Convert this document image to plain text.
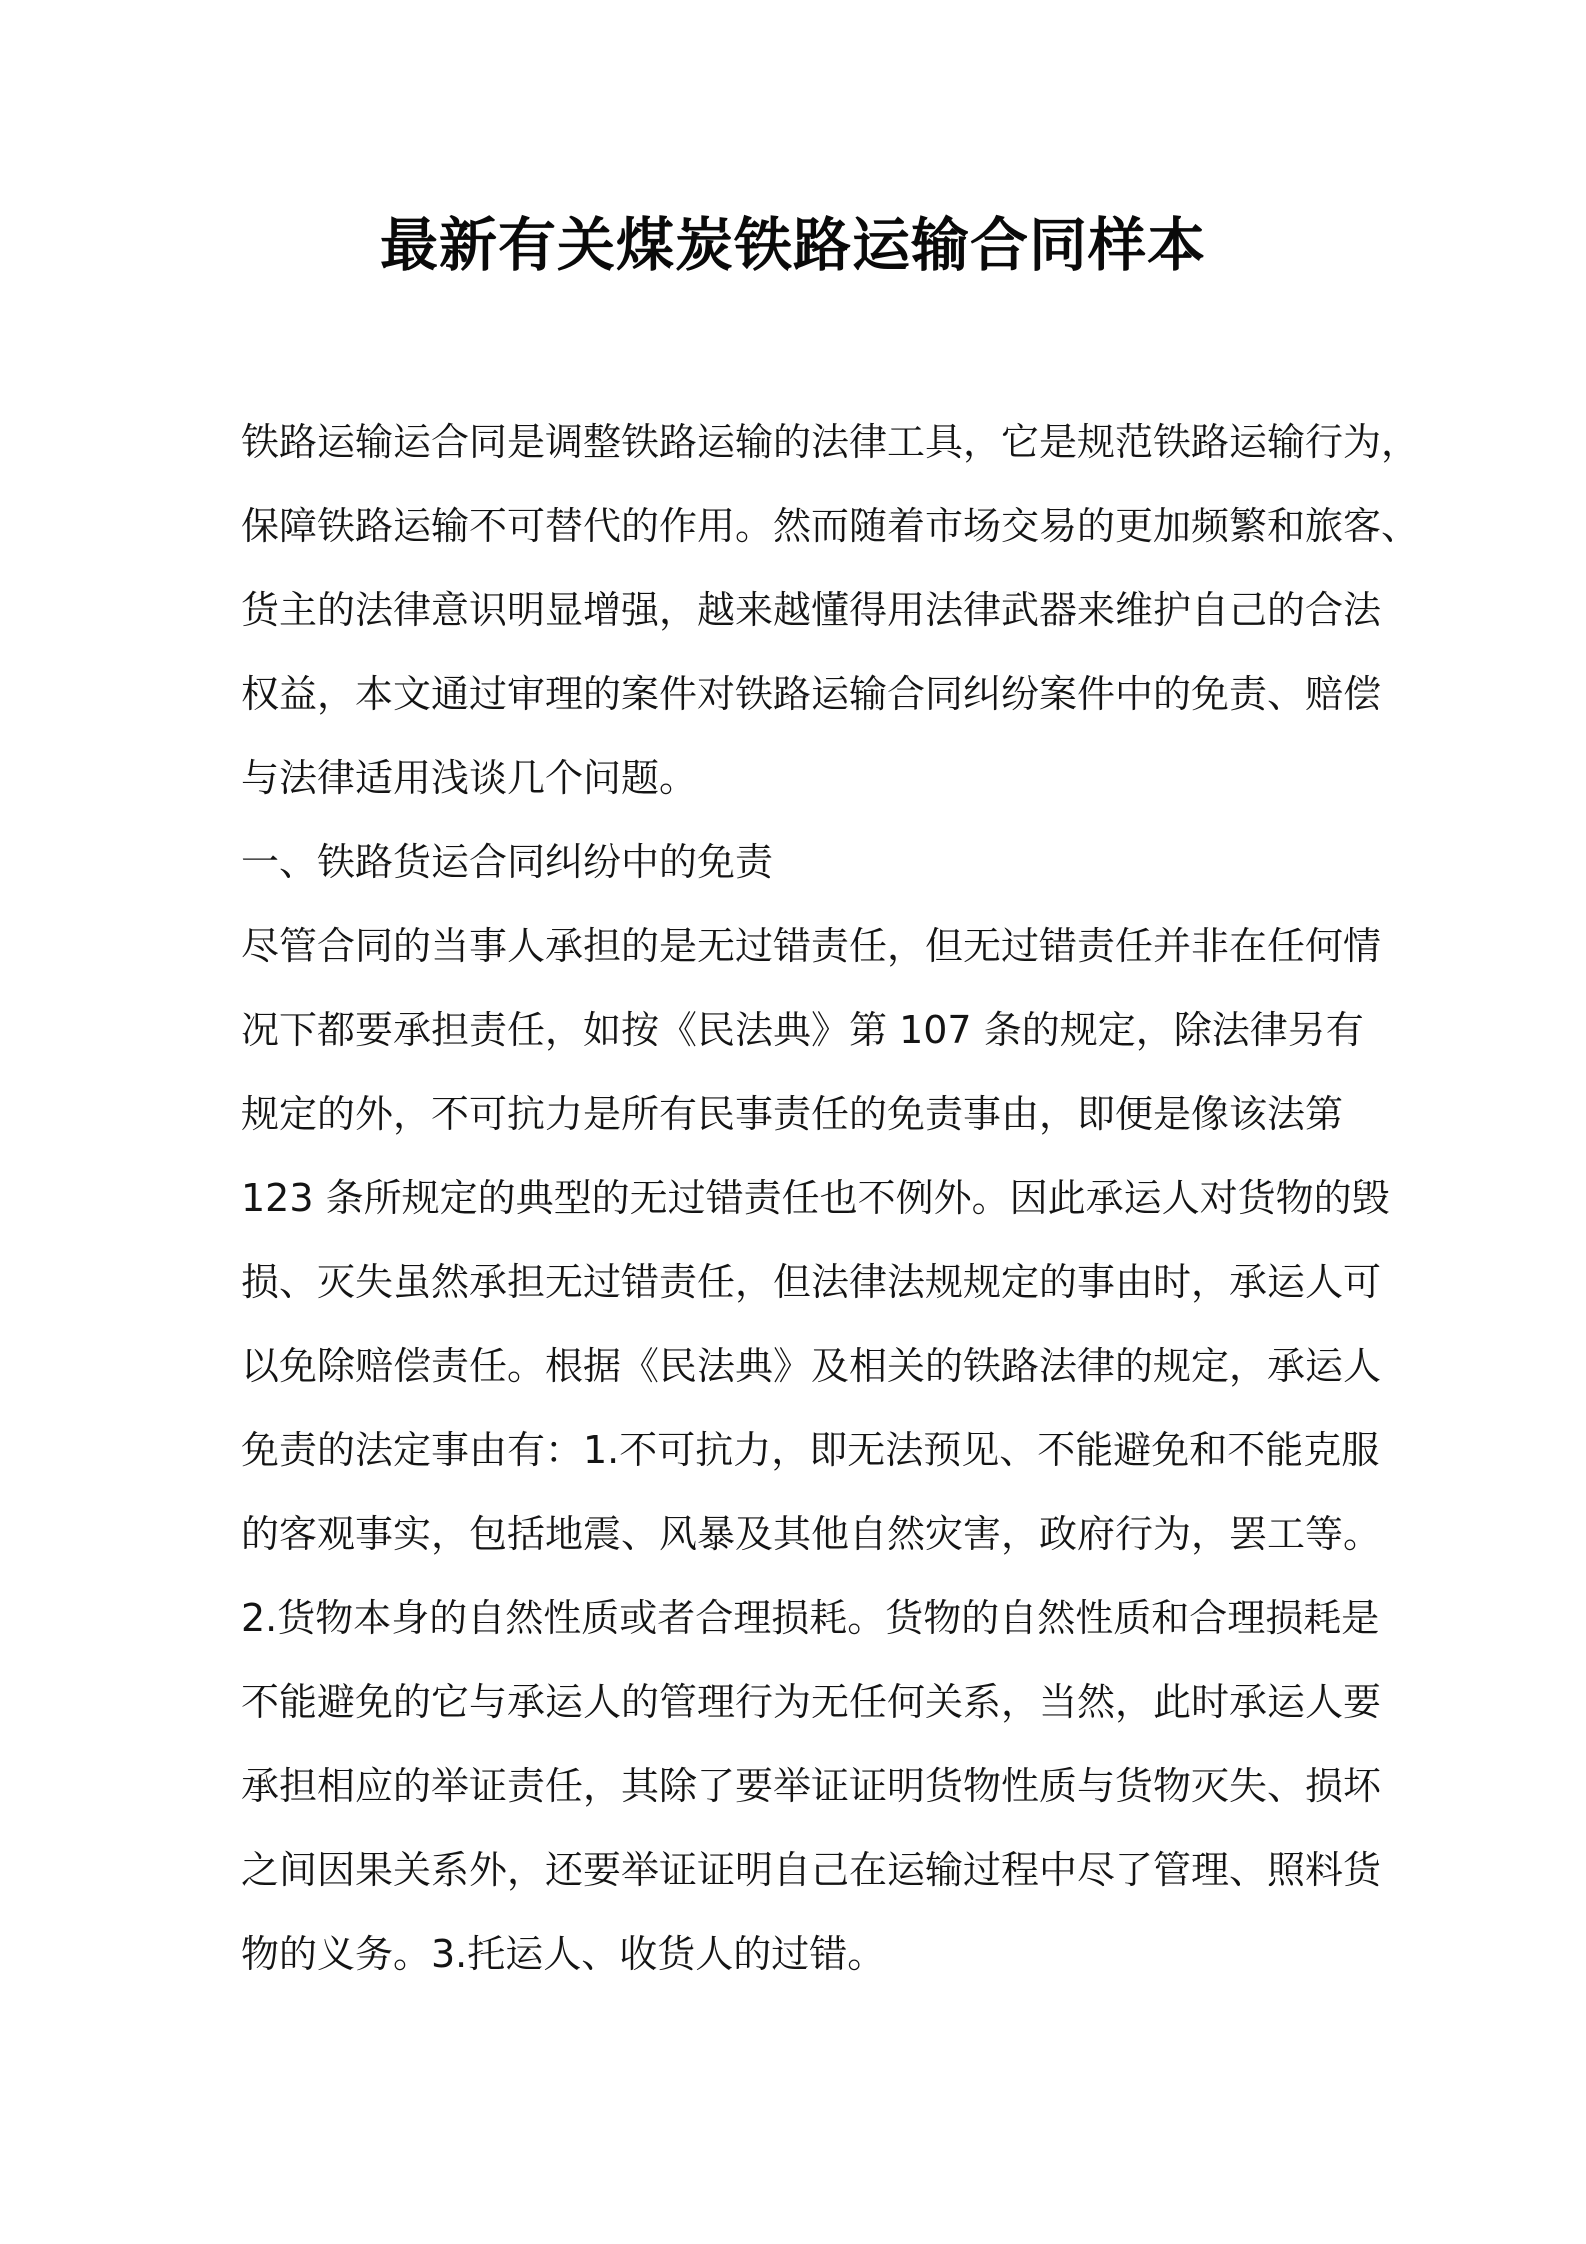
最新有关煤炭铁路运输合同样本
铁路运输运合同是调整铁路运输的法律工具，它是规范铁路运输行为，
保障铁路运输不可替代的作用。然而随着市场交易的更加频繁和旅客、
货主的法律意识明显增强，越来越懂得用法律武器来维护自己的合法
权益，本文通过审理的案件对铁路运输合同纠纷案件中的免责、赔偿
与法律适用浅谈几个问题。
一、铁路货运合同纠纷中的免责
尽管合同的当事人承担的是无过错责任，但无过错责任并非在任何情
况下都要承担责任，如按《民法典》第 107 条的规定，除法律另有
规定的外，不可抗力是所有民事责任的免责事由，即便是像该法第
123 条所规定的典型的无过错责任也不例外。因此承运人对货物的毁
损、灭失虽然承担无过错责任，但法律法规规定的事由时，承运人可
以免除赔偿责任。根据《民法典》及相关的铁路法律的规定，承运人
免责的法定事由有：1.不可抗力，即无法预见、不能避免和不能克服
的客观事实，包括地震、风暴及其他自然灾害，政府行为，罢工等。
2.货物本身的自然性质或者合理损耗。货物的自然性质和合理损耗是
不能避免的它与承运人的管理行为无任何关系，当然，此时承运人要
承担相应的举证责任，其除了要举证证明货物性质与货物灭失、损坏
之间因果关系外，还要举证证明自己在运输过程中尽了管理、照料货
物的义务。3.托运人、收货人的过错。
